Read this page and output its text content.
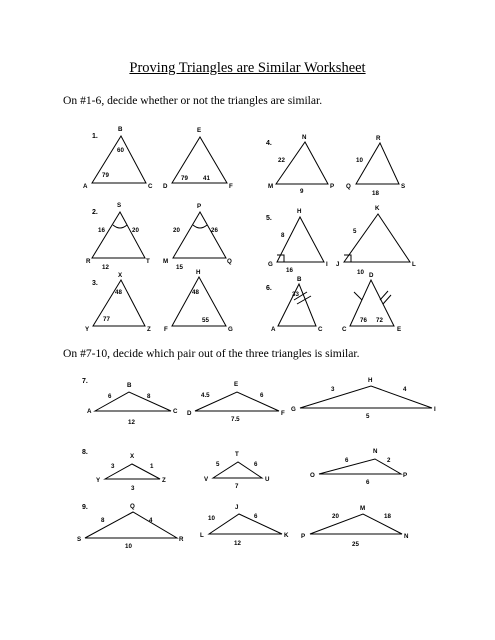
Proving Triangles are Similar Worksheet
On #1-6, decide whether or not the triangles are similar.
On #7-10, decide which pair out of the three triangles is similar.
1.
2.
3.
4.
5.
6.
7.
8.
9.
B
60
79
A	C
E
79 41
D	F
N
22
M
9
P
R
10
Q
18
S
S
16	20
R
12
T
P
20	26
M
15
Q
H
8
G
16
I
K
5
J
10
L
X
48
77
Y	Z
H
48
55
F	G
B
33
A	C
D
76 72
C	E
B
6	8
A
12
C
E
4.5	6
D
7.5
F
H
3	4
G
5
I
X
3	1
Y
3
Z
T
5	6
V
7
U
N
6	2
O
6
P
Q
8	4
S
10
R
J
10	6
L
12
K
M
20	18
P
25
N
